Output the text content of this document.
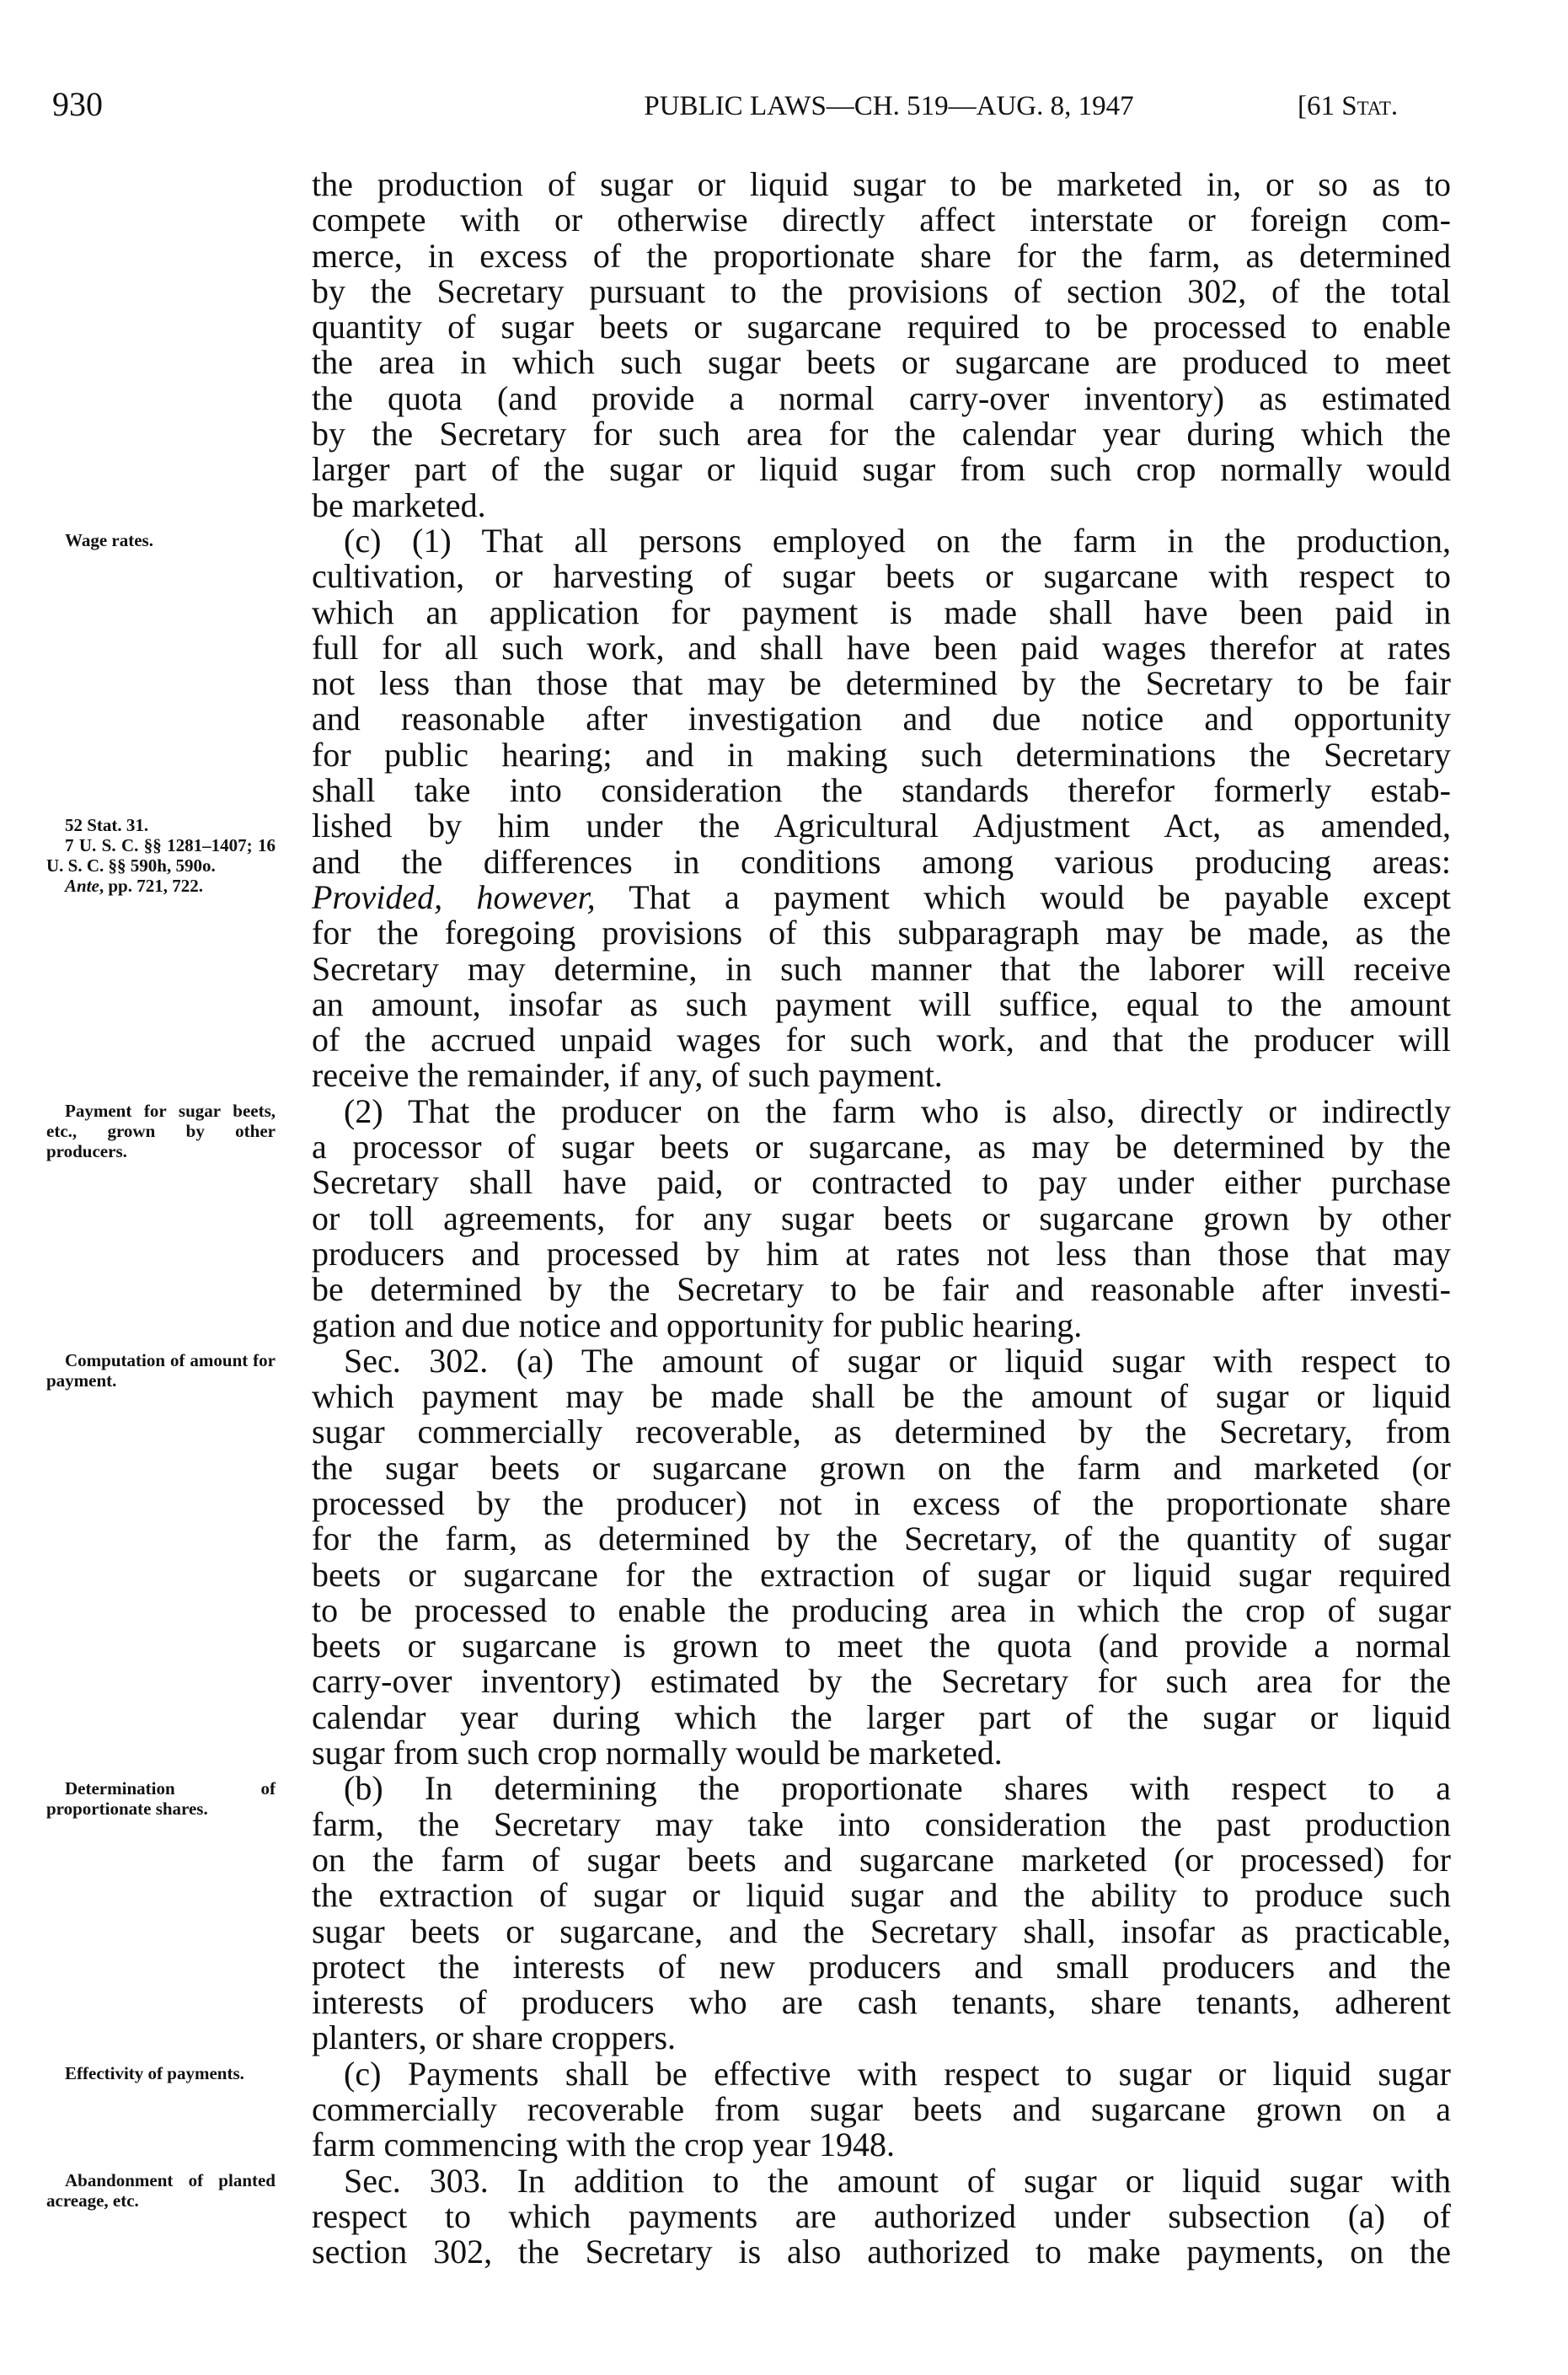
930	PUBLIC LAWS—CH. 519—AUG. 8, 1947	[61 Stat.
Wage rates.
52 Stat. 31.
7 U. S. C. §§ 1281–1407; 16 U. S. C. §§ 590h, 590o.
Ante, pp. 721, 722.
Payment for sugar beets, etc., grown by other producers.
Computation of amount for payment.
Determination of proportionate shares.
Effectivity of payments.
Abandonment of planted acreage, etc.
the production of sugar or liquid sugar to be marketed in, or so as to
compete with or otherwise directly affect interstate or foreign com-
merce, in excess of the proportionate share for the farm, as determined
by the Secretary pursuant to the provisions of section 302, of the total
quantity of sugar beets or sugarcane required to be processed to enable
the area in which such sugar beets or sugarcane are produced to meet
the quota (and provide a normal carry-over inventory) as estimated
by the Secretary for such area for the calendar year during which the
larger part of the sugar or liquid sugar from such crop normally would
be marketed.
(c) (1) That all persons employed on the farm in the production,
cultivation, or harvesting of sugar beets or sugarcane with respect to
which an application for payment is made shall have been paid in
full for all such work, and shall have been paid wages therefor at rates
not less than those that may be determined by the Secretary to be fair
and reasonable after investigation and due notice and opportunity
for public hearing; and in making such determinations the Secretary
shall take into consideration the standards therefor formerly estab-
lished by him under the Agricultural Adjustment Act, as amended,
and the differences in conditions among various producing areas:
Provided, however, That a payment which would be payable except
for the foregoing provisions of this subparagraph may be made, as the
Secretary may determine, in such manner that the laborer will receive
an amount, insofar as such payment will suffice, equal to the amount
of the accrued unpaid wages for such work, and that the producer will
receive the remainder, if any, of such payment.
(2) That the producer on the farm who is also, directly or indirectly
a processor of sugar beets or sugarcane, as may be determined by the
Secretary shall have paid, or contracted to pay under either purchase
or toll agreements, for any sugar beets or sugarcane grown by other
producers and processed by him at rates not less than those that may
be determined by the Secretary to be fair and reasonable after investi-
gation and due notice and opportunity for public hearing.
Sec. 302. (a) The amount of sugar or liquid sugar with respect to
which payment may be made shall be the amount of sugar or liquid
sugar commercially recoverable, as determined by the Secretary, from
the sugar beets or sugarcane grown on the farm and marketed (or
processed by the producer) not in excess of the proportionate share
for the farm, as determined by the Secretary, of the quantity of sugar
beets or sugarcane for the extraction of sugar or liquid sugar required
to be processed to enable the producing area in which the crop of sugar
beets or sugarcane is grown to meet the quota (and provide a normal
carry-over inventory) estimated by the Secretary for such area for the
calendar year during which the larger part of the sugar or liquid
sugar from such crop normally would be marketed.
(b) In determining the proportionate shares with respect to a
farm, the Secretary may take into consideration the past production
on the farm of sugar beets and sugarcane marketed (or processed) for
the extraction of sugar or liquid sugar and the ability to produce such
sugar beets or sugarcane, and the Secretary shall, insofar as practicable,
protect the interests of new producers and small producers and the
interests of producers who are cash tenants, share tenants, adherent
planters, or share croppers.
(c) Payments shall be effective with respect to sugar or liquid sugar
commercially recoverable from sugar beets and sugarcane grown on a
farm commencing with the crop year 1948.
Sec. 303. In addition to the amount of sugar or liquid sugar with
respect to which payments are authorized under subsection (a) of
section 302, the Secretary is also authorized to make payments, on the
